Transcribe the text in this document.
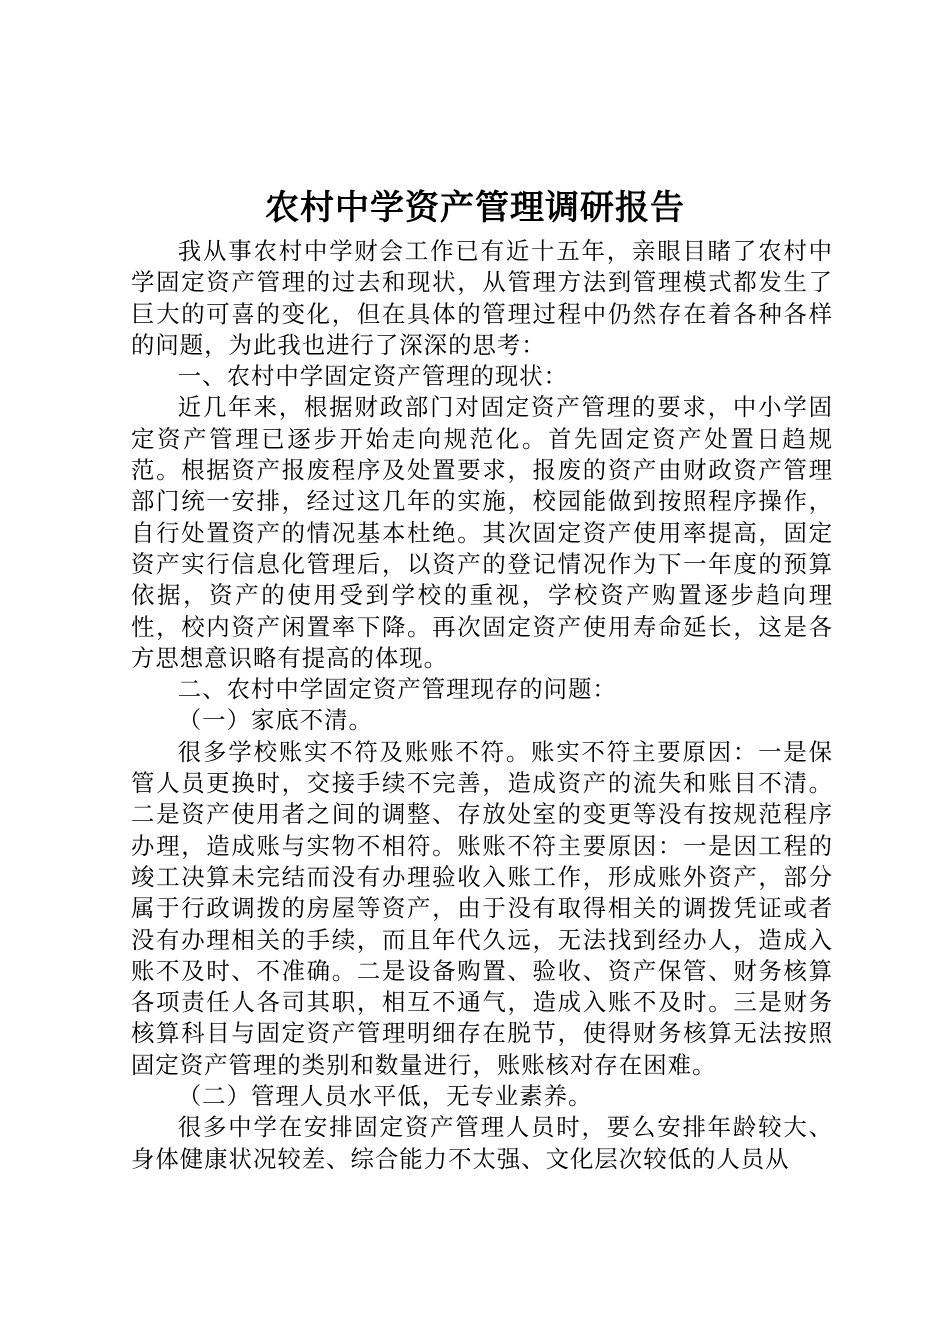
农村中学资产管理调研报告

我从事农村中学财会工作已有近十五年，亲眼目睹了农村中学固定资产管理的过去和现状，从管理方法到管理模式都发生了巨大的可喜的变化，但在具体的管理过程中仍然存在着各种各样的问题，为此我也进行了深深的思考：

一、农村中学固定资产管理的现状：

近几年来，根据财政部门对固定资产管理的要求，中小学固定资产管理已逐步开始走向规范化。首先固定资产处置日趋规范。根据资产报废程序及处置要求，报废的资产由财政资产管理部门统一安排，经过这几年的实施，校园能做到按照程序操作，自行处置资产的情况基本杜绝。其次固定资产使用率提高，固定资产实行信息化管理后，以资产的登记情况作为下一年度的预算依据，资产的使用受到学校的重视，学校资产购置逐步趋向理性，校内资产闲置率下降。再次固定资产使用寿命延长，这是各方思想意识略有提高的体现。

二、农村中学固定资产管理现存的问题：

（一）家底不清。

很多学校账实不符及账账不符。账实不符主要原因：一是保管人员更换时，交接手续不完善，造成资产的流失和账目不清。二是资产使用者之间的调整、存放处室的变更等没有按规范程序办理，造成账与实物不相符。账账不符主要原因：一是因工程的竣工决算未完结而没有办理验收入账工作，形成账外资产，部分属于行政调拨的房屋等资产，由于没有取得相关的调拨凭证或者没有办理相关的手续，而且年代久远，无法找到经办人，造成入账不及时、不准确。二是设备购置、验收、资产保管、财务核算各项责任人各司其职，相互不通气，造成入账不及时。三是财务核算科目与固定资产管理明细存在脱节，使得财务核算无法按照固定资产管理的类别和数量进行，账账核对存在困难。

（二）管理人员水平低，无专业素养。

很多中学在安排固定资产管理人员时，要么安排年龄较大、身体健康状况较差、综合能力不太强、文化层次较低的人员从
